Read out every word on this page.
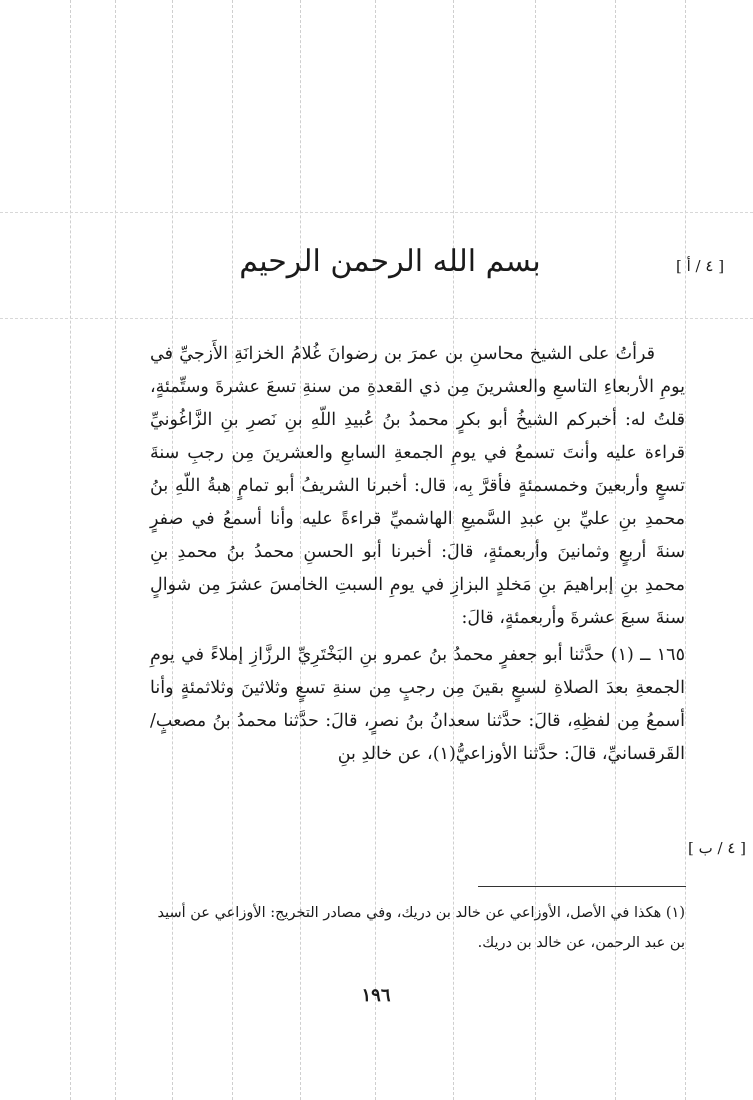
[ ٤ / أ ]
بسم الله الرحمن الرحيم

قرأتُ على الشيخ محاسنِ بن عمرَ بن رضوانَ غُلامُ الخزانَةِ الأَزجيِّ في يومِ الأربعاءِ التاسعِ والعشرينَ مِن ذي القعدةِ من سنةِ تسعَ عشرةَ وستِّمئةٍ، قلتُ له: أخبركم الشيخُ أبو بكرٍ محمدُ بنُ عُبيدِ اللّهِ بنِ نَصرِ بنِ الزَّاغُونيِّ قراءة عليه وأنتَ تسمعُ في يومِ الجمعةِ السابعِ والعشرينَ مِن رجبِ سنةَ تسعٍ وأربعينَ وخمسمئةٍ فأقرَّ بِه، قال: أخبرنا الشريفُ أبو تمامٍ هبةُ اللّهِ بنُ محمدِ بنِ عليِّ بنِ عبدِ السَّميعِ الهاشميِّ قراءةً عليه وأنا أسمعُ في صفرٍ سنةَ أربعٍ وثمانينَ وأربعمئةٍ، قالَ: أخبرنا أبو الحسنِ محمدُ بنُ محمدِ بنِ محمدِ بنِ إبراهيمَ بنِ مَخلدٍ البزازِ في يومِ السبتِ الخامسَ عشرَ مِن شوالٍ سنةَ سبعَ عشرةَ وأربعمئةٍ، قالَ:

١٦٥ ــ (١) حدَّثنا أبو جعفرٍ محمدُ بنُ عمرو بنِ البَخْتَرِيِّ الرزَّازِ إملاءً في يومِ الجمعةِ بعدَ الصلاةِ لسبعٍ بقينَ مِن رجبٍ مِن سنةِ تسعٍ وثلاثينَ وثلاثمئةٍ وأنا أسمعُ مِن لفظِهِ، قالَ: حدَّثنا سعدانُ بنُ نصرٍ، قالَ: حدَّثنا محمدُ بنُ مصعبٍ/ القَرقسانيِّ، قالَ: حدَّثنا الأوزاعيُّ(١)، عن خالدِ بنِ

[ ٤ / ب ]
(١) هكذا في الأصل، الأوزاعي عن خالد بن دريك، وفي مصادر التخريج: الأوزاعي عن أسيد بن عبد الرحمن، عن خالد بن دريك.
١٩٦
